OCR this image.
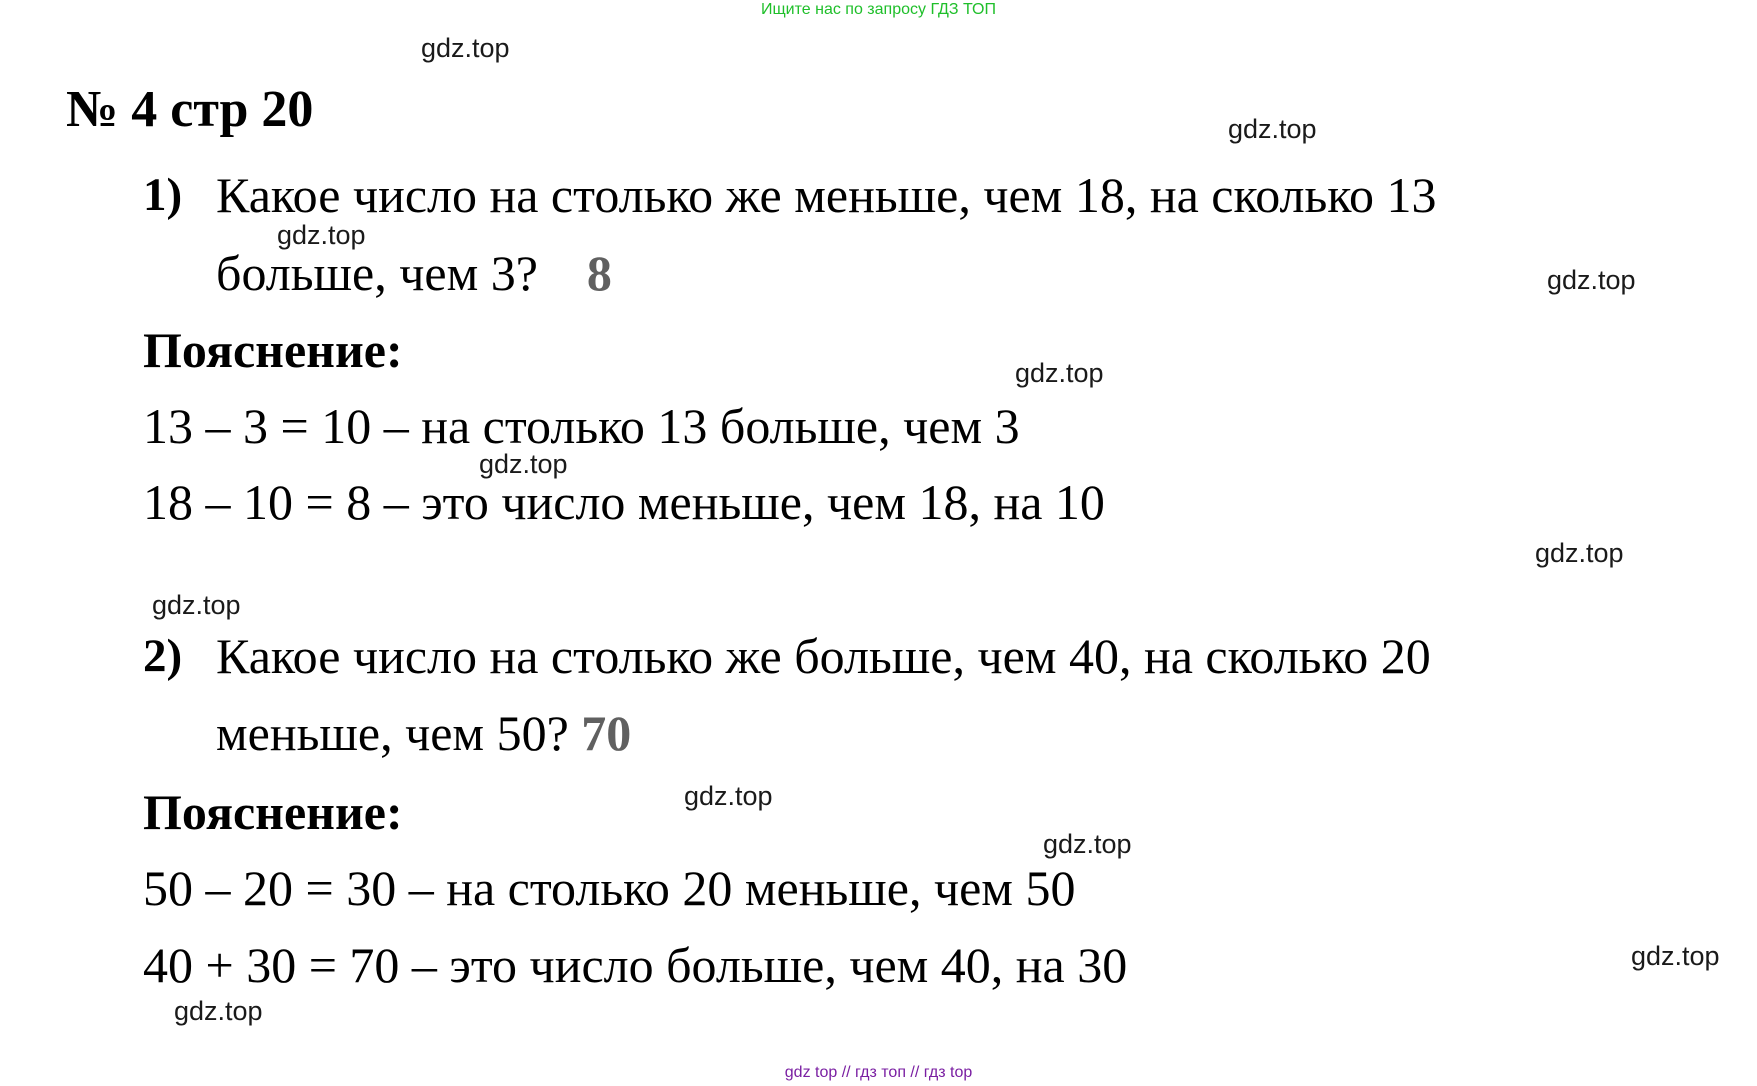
Ищите нас по запросу ГДЗ ТОП
№ 4 стр 20
1) Какое число на столько же меньше, чем 18, на сколько 13
больше, чем 3? 8
Пояснение:
13 – 3 = 10 – на столько 13 больше, чем 3
18 – 10 = 8 – это число меньше, чем 18, на 10
2) Какое число на столько же больше, чем 40, на сколько 20
меньше, чем 50? 70
Пояснение:
50 – 20 = 30 – на столько 20 меньше, чем 50
40 + 30 = 70 – это число больше, чем 40, на 30
gdz.top
gdz.top
gdz.top
gdz.top
gdz.top
gdz.top
gdz.top
gdz.top
gdz.top
gdz.top
gdz.top
gdz.top
gdz top // гдз топ // гдз top
